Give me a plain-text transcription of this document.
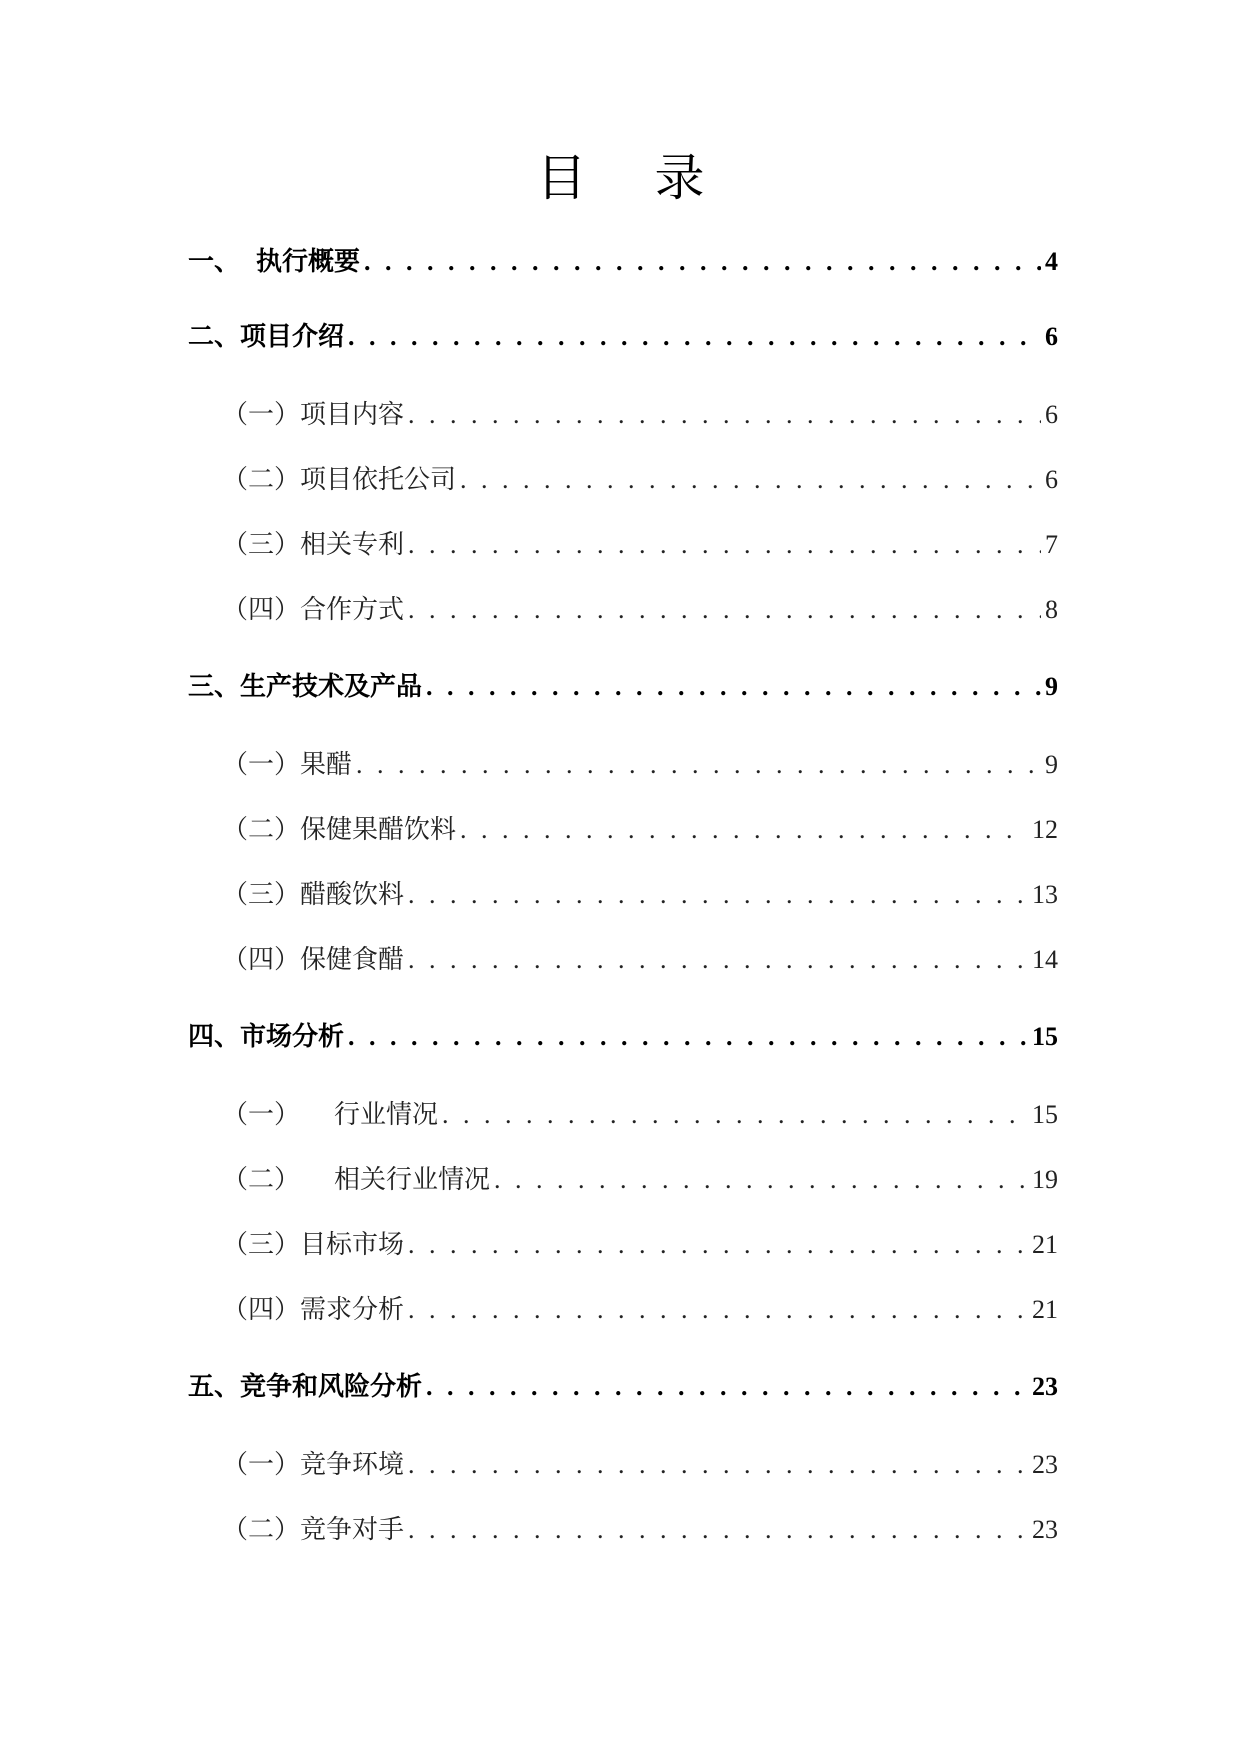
目 录
一、 执行概要 . . .	4
二、项目介绍 . . .	6
（一）项目内容 . . .	6
（二）项目依托公司 . . .	6
（三）相关专利 . . .	7
（四）合作方式 . . .	8
三、生产技术及产品 . . .	9
（一）果醋 . . .	9
（二）保健果醋饮料 . . .	12
（三）醋酸饮料 . . .	13
（四）保健食醋 . . .	14
四、市场分析 . . .	15
（一） 行业情况 . . .	15
（二） 相关行业情况 . . .	19
（三）目标市场 . . .	21
（四）需求分析 . . .	21
五、竞争和风险分析 . . .	23
（一）竞争环境 . . .	23
（二）竞争对手 . . .	23
